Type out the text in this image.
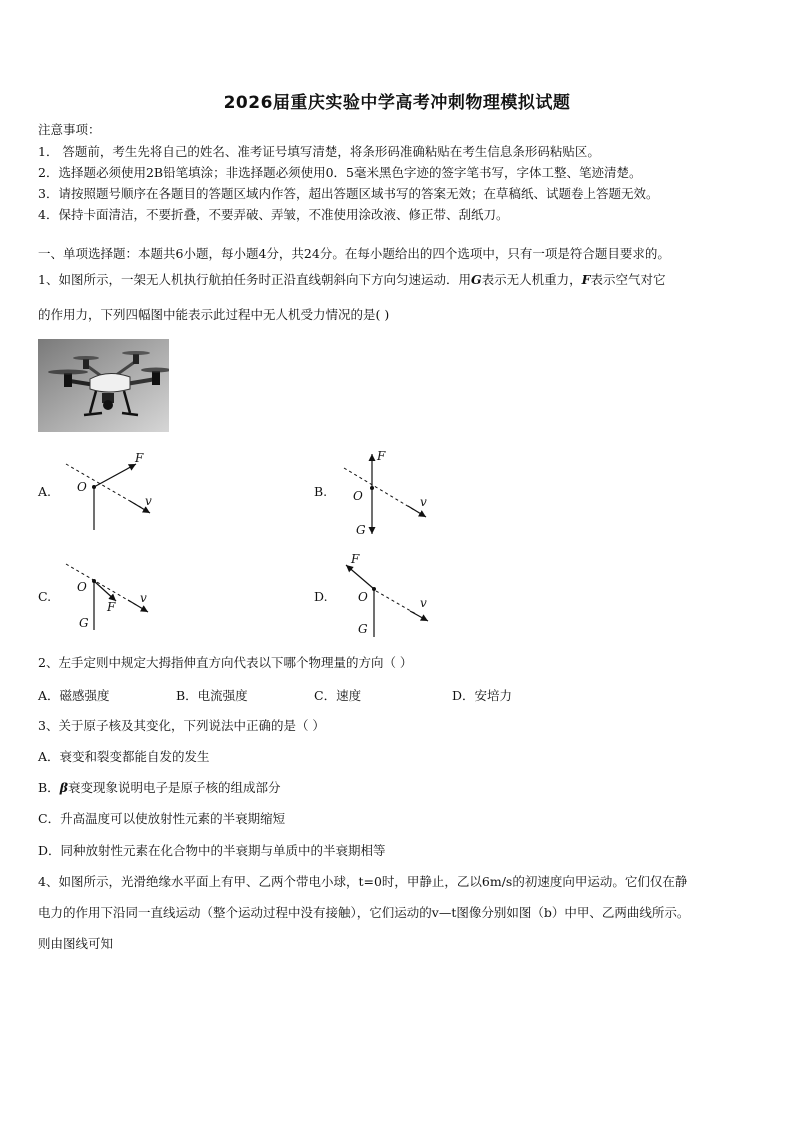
2026届重庆实验中学高考冲刺物理模拟试题
注意事项：
1． 答题前，考生先将自己的姓名、准考证号填写清楚，将条形码准确粘贴在考生信息条形码粘贴区。
2．选择题必须使用2B铅笔填涂；非选择题必须使用0．5毫米黑色字迹的签字笔书写，字体工整、笔迹清楚。
3．请按照题号顺序在各题目的答题区域内作答，超出答题区域书写的答案无效；在草稿纸、试题卷上答题无效。
4．保持卡面清洁，不要折叠，不要弄破、弄皱，不准使用涂改液、修正带、刮纸刀。
一、单项选择题：本题共6小题，每小题4分，共24分。在每小题给出的四个选项中，只有一项是符合题目要求的。
1、如图所示，一架无人机执行航拍任务时正沿直线朝斜向下方向匀速运动．用G表示无人机重力，F表示空气对它
的作用力，下列四幅图中能表示此过程中无人机受力情况的是( )
A. O
F
v
B. O
F
G
v
C.
O
F
G
v	D.
F
O
G
v
2、左手定则中规定大拇指伸直方向代表以下哪个物理量的方向（ ）
A．磁感强度	B．电流强度	C．速度	D．安培力
3、关于原子核及其变化，下列说法中正确的是（ ）
A．衰变和裂变都能自发的发生
B．β衰变现象说明电子是原子核的组成部分
C．升高温度可以使放射性元素的半衰期缩短
D．同种放射性元素在化合物中的半衰期与单质中的半衰期相等
4、如图所示，光滑绝缘水平面上有甲、乙两个带电小球，t=0时，甲静止，乙以6m/s的初速度向甲运动。它们仅在静
电力的作用下沿同一直线运动（整个运动过程中没有接触），它们运动的v—t图像分别如图（b）中甲、乙两曲线所示。
则由图线可知
